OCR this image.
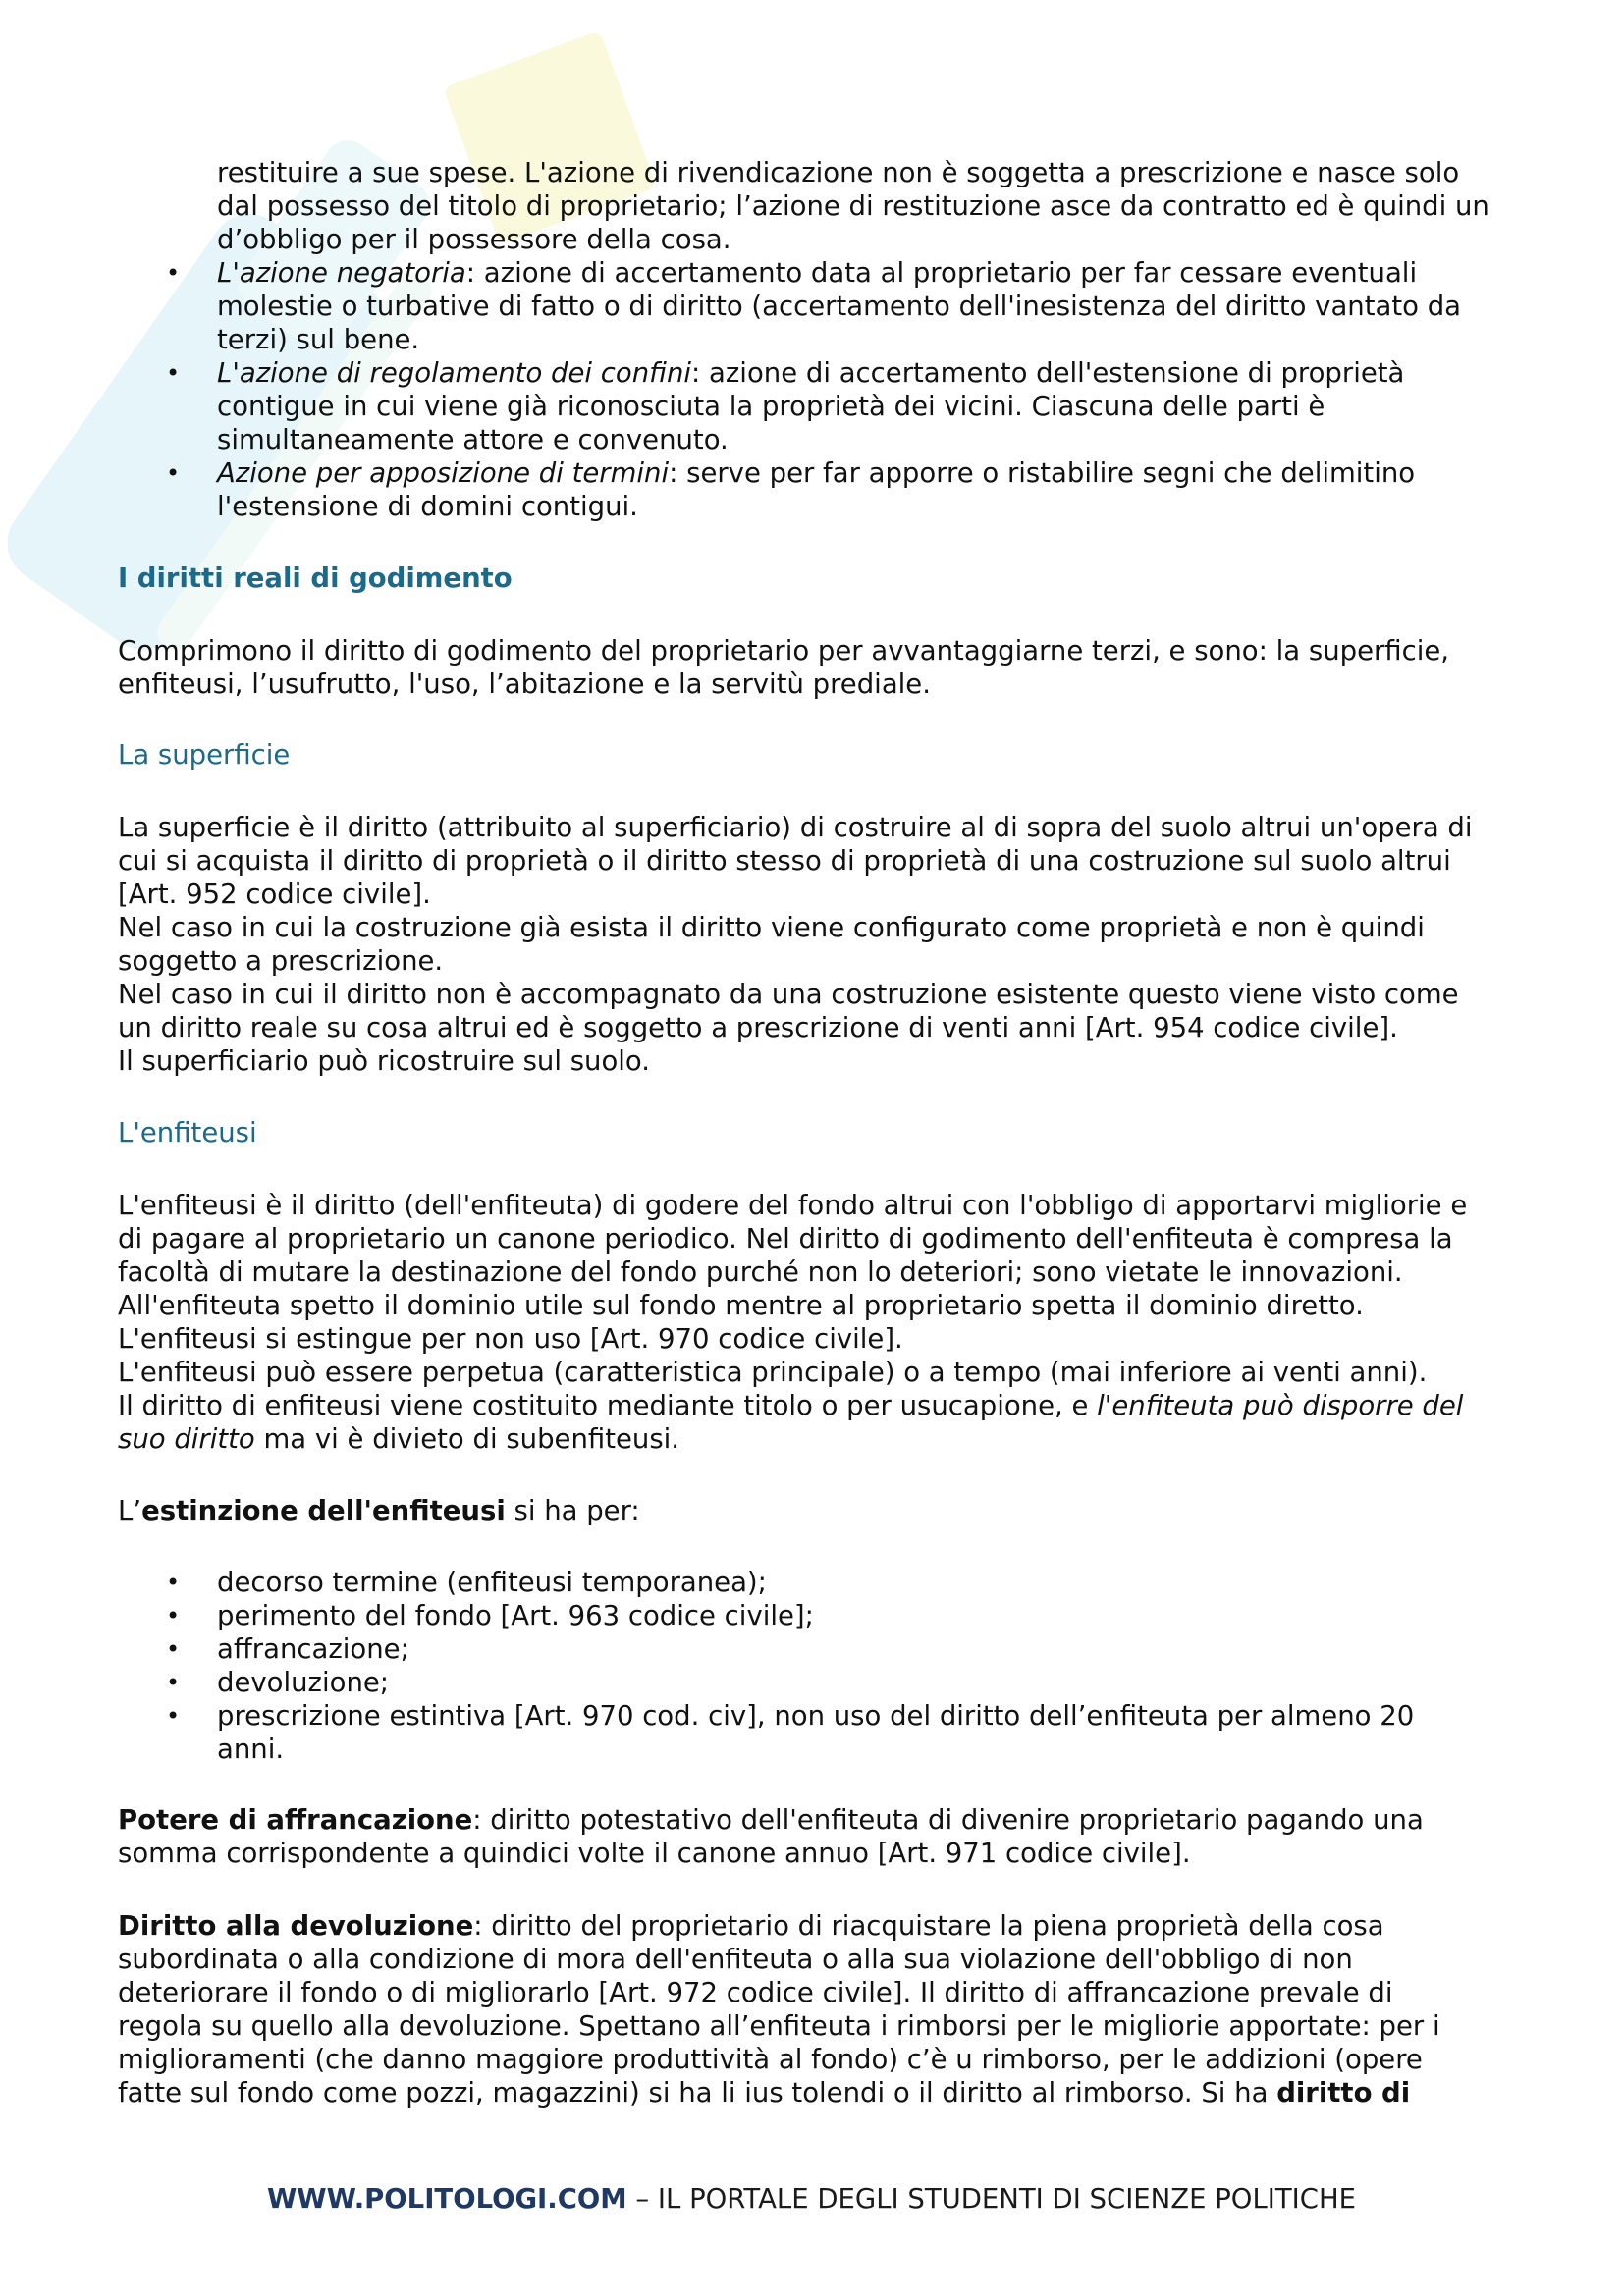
restituire a sue spese. L'azione di rivendicazione non è soggetta a prescrizione e nasce solo
dal possesso del titolo di proprietario; l’azione di restituzione asce da contratto ed è quindi un
d’obbligo per il possessore della cosa.
• L'azione negatoria: azione di accertamento data al proprietario per far cessare eventuali
molestie o turbative di fatto o di diritto (accertamento dell'inesistenza del diritto vantato da
terzi) sul bene.
• L'azione di regolamento dei confini: azione di accertamento dell'estensione di proprietà
contigue in cui viene già riconosciuta la proprietà dei vicini. Ciascuna delle parti è
simultaneamente attore e convenuto.
• Azione per apposizione di termini: serve per far apporre o ristabilire segni che delimitino
l'estensione di domini contigui.
I diritti reali di godimento
Comprimono il diritto di godimento del proprietario per avvantaggiarne terzi, e sono: la superficie,
enfiteusi, l’usufrutto, l'uso, l’abitazione e la servitù prediale.
La superficie
La superficie è il diritto (attribuito al superficiario) di costruire al di sopra del suolo altrui un'opera di
cui si acquista il diritto di proprietà o il diritto stesso di proprietà di una costruzione sul suolo altrui
[Art. 952 codice civile].
Nel caso in cui la costruzione già esista il diritto viene configurato come proprietà e non è quindi
soggetto a prescrizione.
Nel caso in cui il diritto non è accompagnato da una costruzione esistente questo viene visto come
un diritto reale su cosa altrui ed è soggetto a prescrizione di venti anni [Art. 954 codice civile].
Il superficiario può ricostruire sul suolo.
L'enfiteusi
L'enfiteusi è il diritto (dell'enfiteuta) di godere del fondo altrui con l'obbligo di apportarvi migliorie e
di pagare al proprietario un canone periodico. Nel diritto di godimento dell'enfiteuta è compresa la
facoltà di mutare la destinazione del fondo purché non lo deteriori; sono vietate le innovazioni.
All'enfiteuta spetto il dominio utile sul fondo mentre al proprietario spetta il dominio diretto.
L'enfiteusi si estingue per non uso [Art. 970 codice civile].
L'enfiteusi può essere perpetua (caratteristica principale) o a tempo (mai inferiore ai venti anni).
Il diritto di enfiteusi viene costituito mediante titolo o per usucapione, e l'enfiteuta può disporre del
suo diritto ma vi è divieto di subenfiteusi.
L’estinzione dell'enfiteusi si ha per:
• decorso termine (enfiteusi temporanea);
• perimento del fondo [Art. 963 codice civile];
• affrancazione;
• devoluzione;
• prescrizione estintiva [Art. 970 cod. civ], non uso del diritto dell’enfiteuta per almeno 20
anni.
Potere di affrancazione: diritto potestativo dell'enfiteuta di divenire proprietario pagando una
somma corrispondente a quindici volte il canone annuo [Art. 971 codice civile].
Diritto alla devoluzione: diritto del proprietario di riacquistare la piena proprietà della cosa
subordinata o alla condizione di mora dell'enfiteuta o alla sua violazione dell'obbligo di non
deteriorare il fondo o di migliorarlo [Art. 972 codice civile]. Il diritto di affrancazione prevale di
regola su quello alla devoluzione. Spettano all’enfiteuta i rimborsi per le migliorie apportate: per i
miglioramenti (che danno maggiore produttività al fondo) c’è u rimborso, per le addizioni (opere
fatte sul fondo come pozzi, magazzini) si ha li ius tolendi o il diritto al rimborso. Si ha diritto di
WWW.POLITOLOGI.COM – IL PORTALE DEGLI STUDENTI DI SCIENZE POLITICHE
